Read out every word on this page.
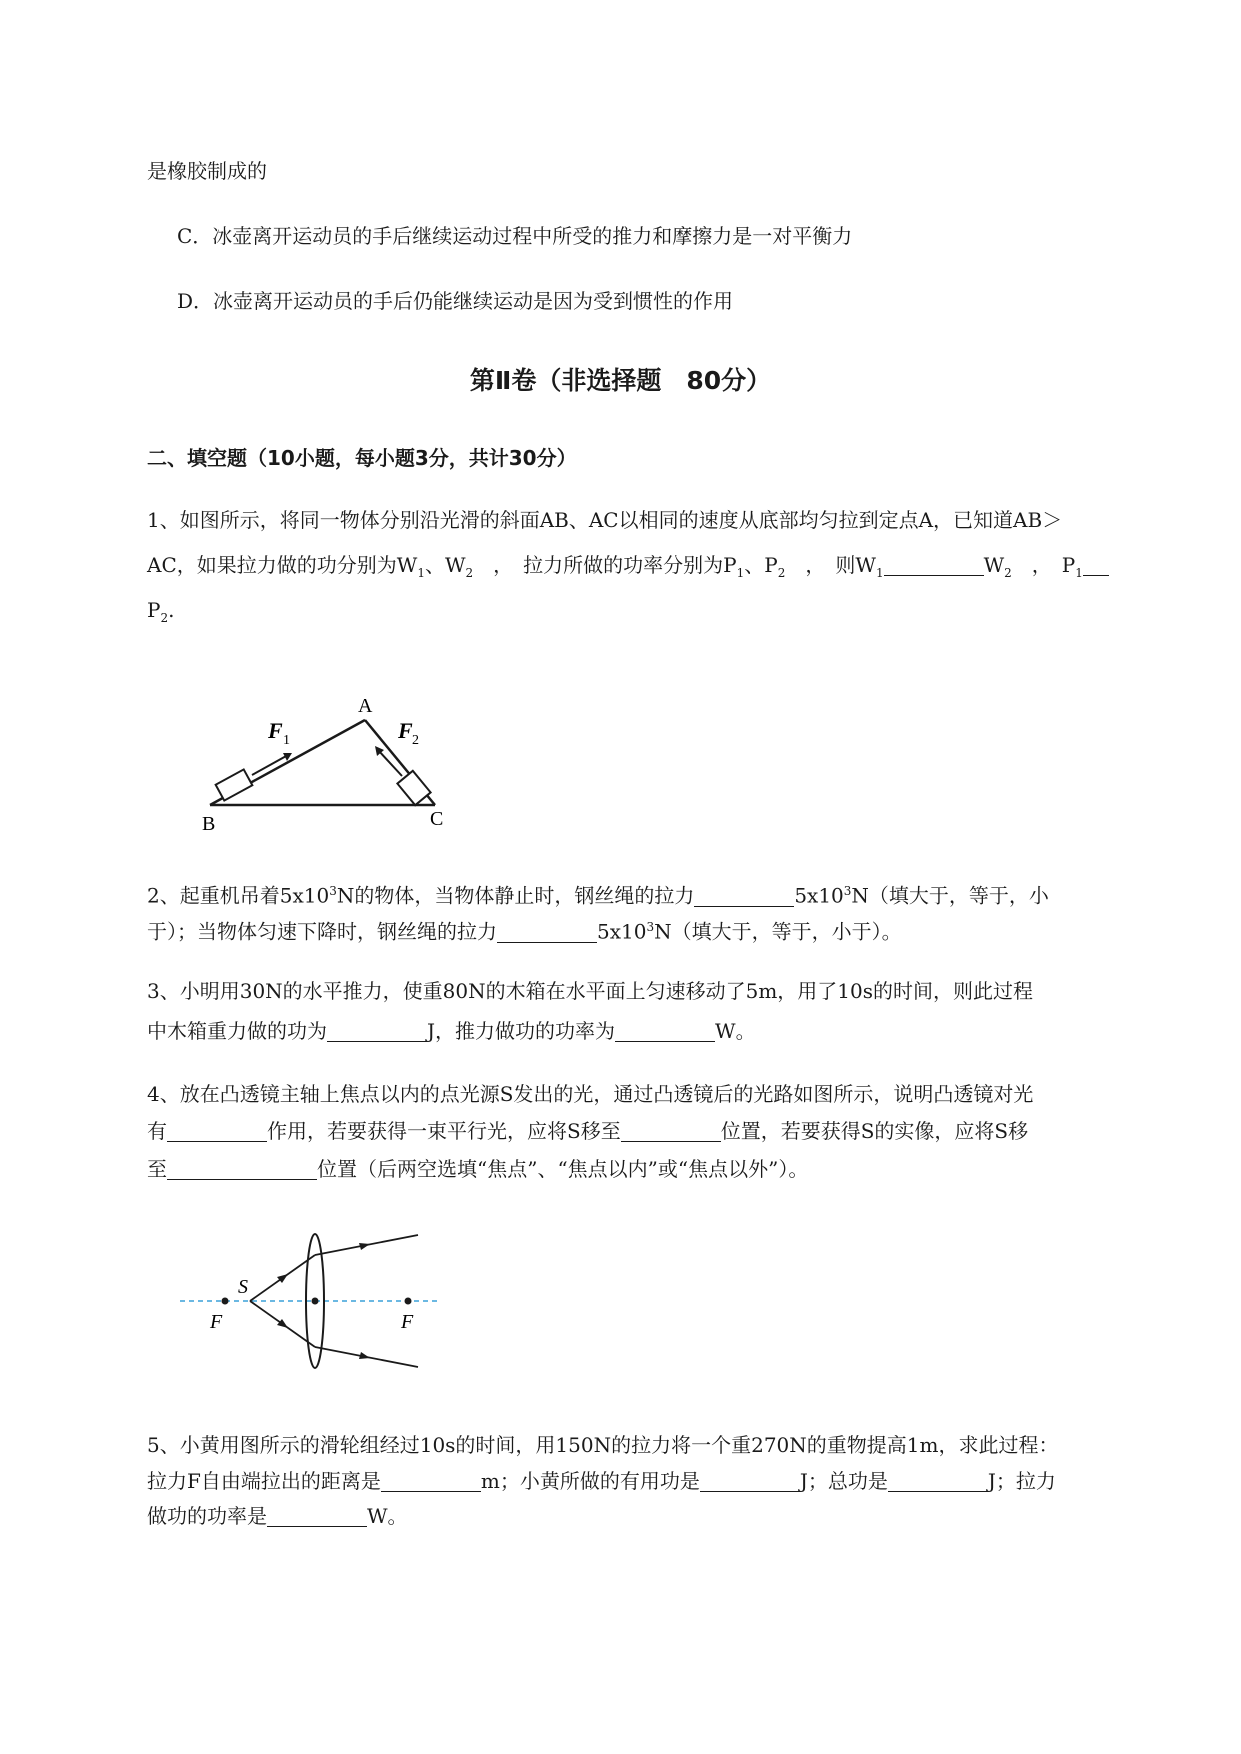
是橡胶制成的
C．冰壶离开运动员的手后继续运动过程中所受的推力和摩擦力是一对平衡力
D．冰壶离开运动员的手后仍能继续运动是因为受到惯性的作用
第Ⅱ卷（非选择题　80分）
二、填空题（10小题，每小题3分，共计30分）
1、如图所示，将同一物体分别沿光滑的斜面AB、AC以相同的速度从底部均匀拉到定点A，已知道AB＞
AC，如果拉力做的功分别为$W_1$、$W_2$　，　拉力所做的功率分别为$P_1$、$P_2$　，　则$W_1$	$W_2$　，　$P_1$
$P_2$.
A
B	C
F 1	F 2
2、起重机吊着$5x10^3N$的物体，当物体静止时，钢丝绳的拉力	$5x10^3N$（填大于，等于，小
于）；当物体匀速下降时，钢丝绳的拉力	$5x10^3N$（填大于，等于，小于）。
3、小明用30N的水平推力，使重80N的木箱在水平面上匀速移动了5m，用了10s的时间，则此过程
中木箱重力做的功为	J，推力做功的功率为	W。
4、放在凸透镜主轴上焦点以内的点光源S发出的光，通过凸透镜后的光路如图所示，说明凸透镜对光
有	作用，若要获得一束平行光，应将S移至	位置，若要获得S的实像，应将S移
至	位置（后两空选填“焦点”、“焦点以内”或“焦点以外”）。
S
F	F
5、小黄用图所示的滑轮组经过10s的时间，用150N的拉力将一个重270N的重物提高1m，求此过程：
拉力F自由端拉出的距离是	m；小黄所做的有用功是	J；总功是	J；拉力
做功的功率是	W。
